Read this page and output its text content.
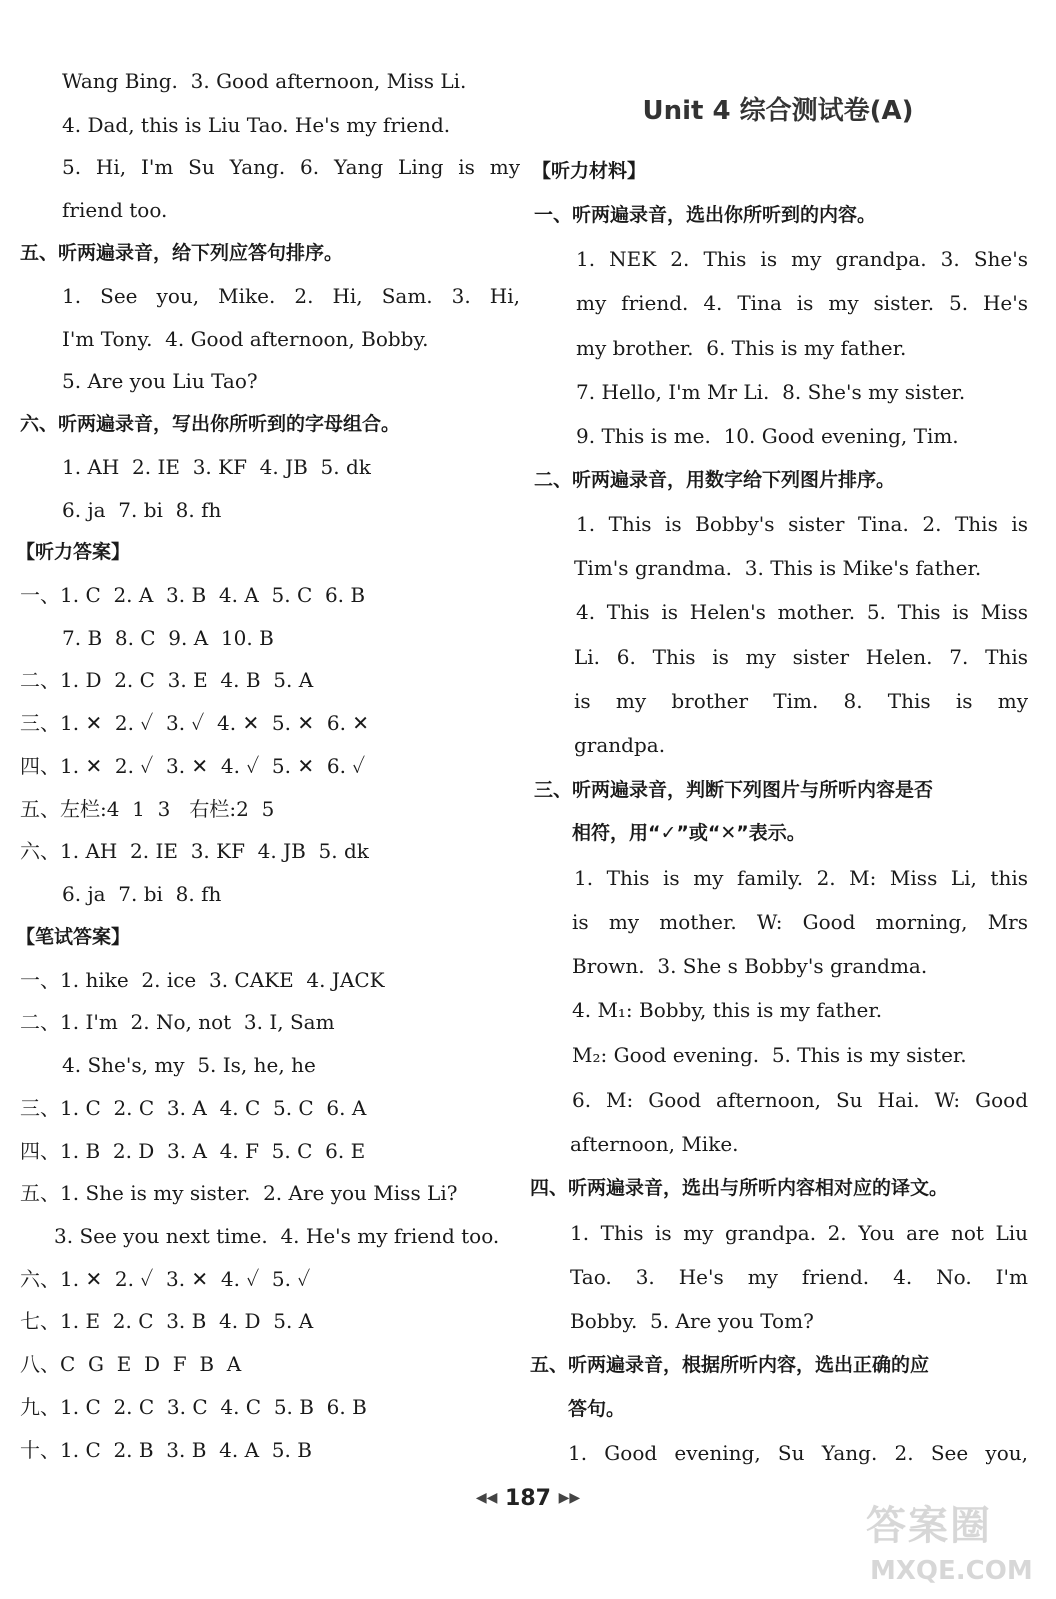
Wang Bing.  3. Good afternoon, Miss Li.
4. Dad, this is Liu Tao. He's my friend.
5. Hi, I'm Su Yang. 6. Yang Ling is my
friend too.
五、听两遍录音，给下列应答句排序。
1. See you, Mike. 2. Hi, Sam. 3. Hi,
I'm Tony.  4. Good afternoon, Bobby.
5. Are you Liu Tao?
六、听两遍录音，写出你所听到的字母组合。
1. AH  2. IE  3. KF  4. JB  5. dk
6. ja  7. bi  8. fh
【听力答案】
一、1. C  2. A  3. B  4. A  5. C  6. B
7. B  8. C  9. A  10. B
二、1. D  2. C  3. E  4. B  5. A
三、1. ✕  2. ✓  3. ✓  4. ✕  5. ✕  6. ✕
四、1. ✕  2. ✓  3. ✕  4. ✓  5. ✕  6. ✓
五、左栏:4  1  3   右栏:2  5
六、1. AH  2. IE  3. KF  4. JB  5. dk
6. ja  7. bi  8. fh
【笔试答案】
一、1. hike  2. ice  3. CAKE  4. JACK
二、1. I'm  2. No, not  3. I, Sam
4. She's, my  5. Is, he, he
三、1. C  2. C  3. A  4. C  5. C  6. A
四、1. B  2. D  3. A  4. F  5. C  6. E
五、1. She is my sister.  2. Are you Miss Li?
3. See you next time.  4. He's my friend too.
六、1. ✕  2. ✓  3. ✕  4. ✓  5. ✓
七、1. E  2. C  3. B  4. D  5. A
八、C  G  E  D  F  B  A
九、1. C  2. C  3. C  4. C  5. B  6. B
十、1. C  2. B  3. B  4. A  5. B
Unit 4 综合测试卷(A)
【听力材料】
一、听两遍录音，选出你所听到的内容。
1. NEK 2. This is my grandpa. 3. She's
my friend. 4. Tina is my sister. 5. He's
my brother.  6. This is my father.
7. Hello, I'm Mr Li.  8. She's my sister.
9. This is me.  10. Good evening, Tim.
二、听两遍录音，用数字给下列图片排序。
1. This is Bobby's sister Tina. 2. This is
Tim's grandma.  3. This is Mike's father.
4. This is Helen's mother. 5. This is Miss
Li. 6. This is my sister Helen. 7. This
is my brother Tim. 8. This is my
grandpa.
三、听两遍录音，判断下列图片与所听内容是否
相符，用“✓”或“✕”表示。
1. This is my family. 2. M: Miss Li, this
is my mother. W: Good morning, Mrs
Brown.  3. She s Bobby's grandma.
4. M₁: Bobby, this is my father.
M₂: Good evening.  5. This is my sister.
6. M: Good afternoon, Su Hai. W: Good
afternoon, Mike.
四、听两遍录音，选出与所听内容相对应的译文。
1. This is my grandpa. 2. You are not Liu
Tao. 3. He's my friend. 4. No. I'm
Bobby.  5. Are you Tom?
五、听两遍录音，根据所听内容，选出正确的应
答句。
1. Good evening, Su Yang. 2. See you,
◀◀ 187 ▶▶
答案圈
MXQE.COM
